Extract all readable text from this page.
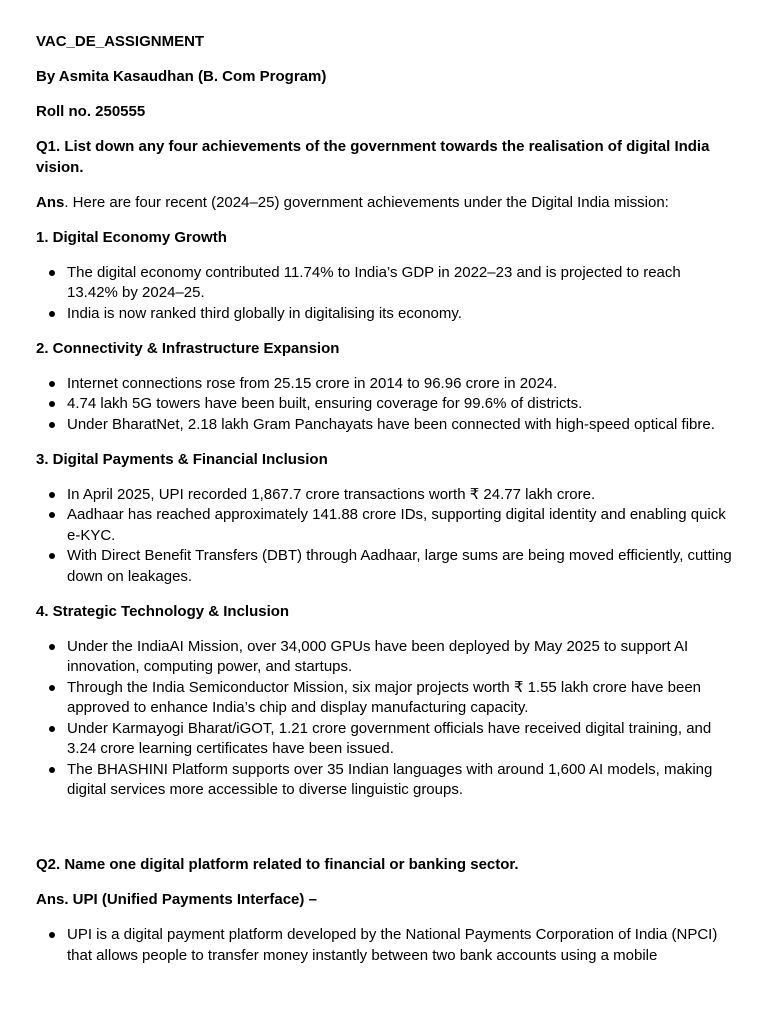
VAC_DE_ASSIGNMENT

By Asmita Kasaudhan (B. Com Program)

Roll no. 250555

Q1. List down any four achievements of the government towards the realisation of digital India vision.

Ans. Here are four recent (2024–25) government achievements under the Digital India mission:

1. Digital Economy Growth

The digital economy contributed 11.74% to India’s GDP in 2022–23 and is projected to reach 13.42% by 2024–25.
India is now ranked third globally in digitalising its economy.

2. Connectivity & Infrastructure Expansion

Internet connections rose from 25.15 crore in 2014 to 96.96 crore in 2024.
4.74 lakh 5G towers have been built, ensuring coverage for 99.6% of districts.
Under BharatNet, 2.18 lakh Gram Panchayats have been connected with high-speed optical fibre.

3. Digital Payments & Financial Inclusion

In April 2025, UPI recorded 1,867.7 crore transactions worth ₹ 24.77 lakh crore.
Aadhaar has reached approximately 141.88 crore IDs, supporting digital identity and enabling quick e-KYC.
With Direct Benefit Transfers (DBT) through Aadhaar, large sums are being moved efficiently, cutting down on leakages.

4. Strategic Technology & Inclusion

Under the IndiaAI Mission, over 34,000 GPUs have been deployed by May 2025 to support AI innovation, computing power, and startups.
Through the India Semiconductor Mission, six major projects worth ₹ 1.55 lakh crore have been approved to enhance India’s chip and display manufacturing capacity.
Under Karmayogi Bharat/iGOT, 1.21 crore government officials have received digital training, and 3.24 crore learning certificates have been issued.
The BHASHINI Platform supports over 35 Indian languages with around 1,600 AI models, making digital services more accessible to diverse linguistic groups.

Q2. Name one digital platform related to financial or banking sector.

Ans. UPI (Unified Payments Interface) –

UPI is a digital payment platform developed by the National Payments Corporation of India (NPCI) that allows people to transfer money instantly between two bank accounts using a mobile
